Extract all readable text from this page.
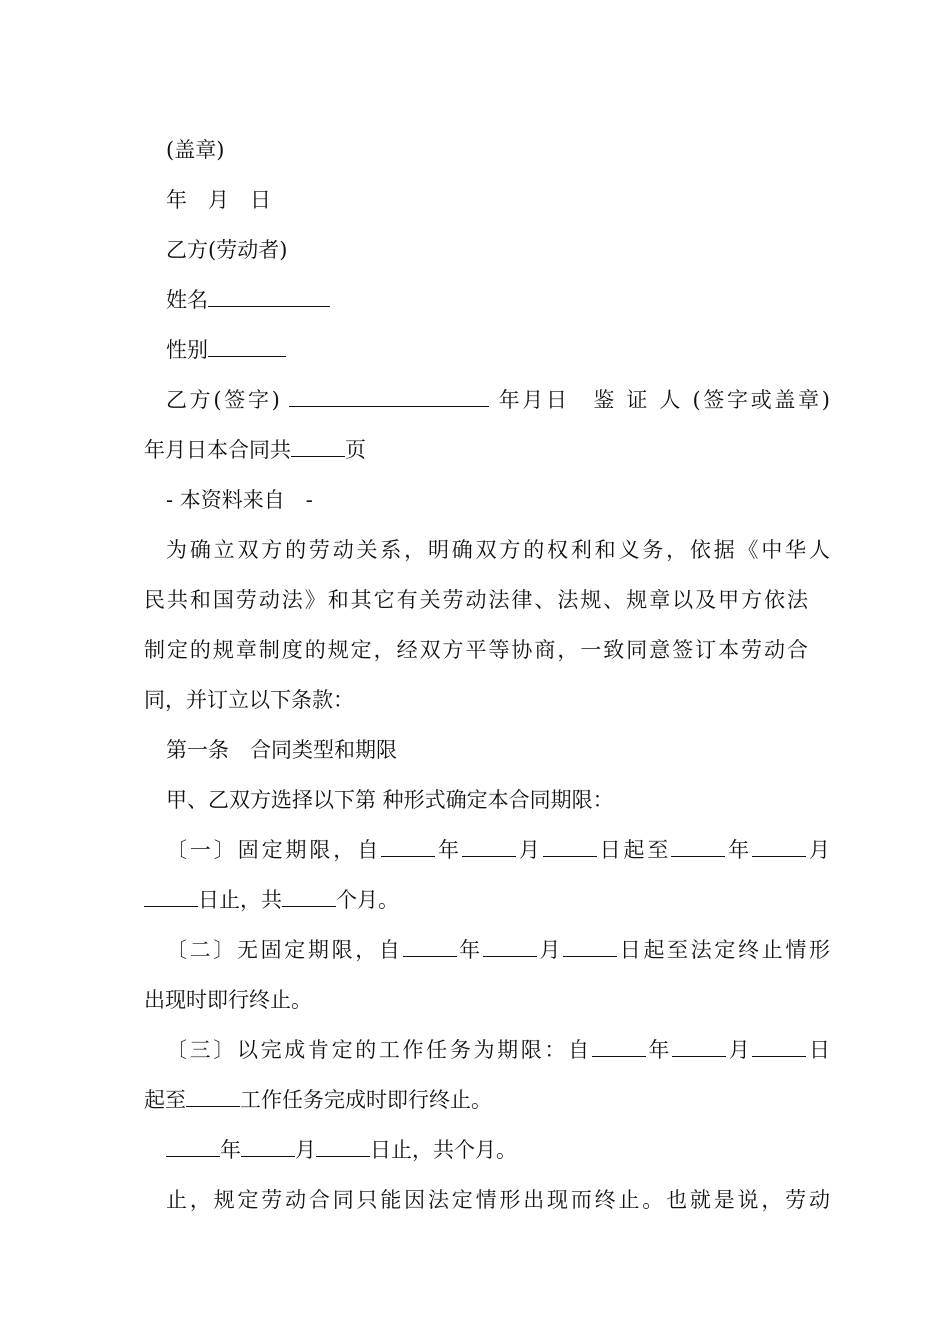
(盖章)
年　月　日
乙方(劳动者)
姓名
性别
乙方(签字)	年月日　鉴 证 人 (签字或盖章)
年月日本合同共	页
- 本资料来自　-
为确立双方的劳动关系，明确双方的权利和义务，依据《中华人
民共和国劳动法》和其它有关劳动法律、法规、规章以及甲方依法
制定的规章制度的规定，经双方平等协商，一致同意签订本劳动合
同，并订立以下条款：
第一条　合同类型和期限
甲、乙双方选择以下第 种形式确定本合同期限：
〔一〕固定期限，自	年	月	日起至	年	月
日止，共	个月。
〔二〕无固定期限，自	年	月	日起至法定终止情形
出现时即行终止。
〔三〕以完成肯定的工作任务为期限：自	年	月	日
起至	工作任务完成时即行终止。
年	月	日止，共个月。
止，规定劳动合同只能因法定情形出现而终止。也就是说，劳动
